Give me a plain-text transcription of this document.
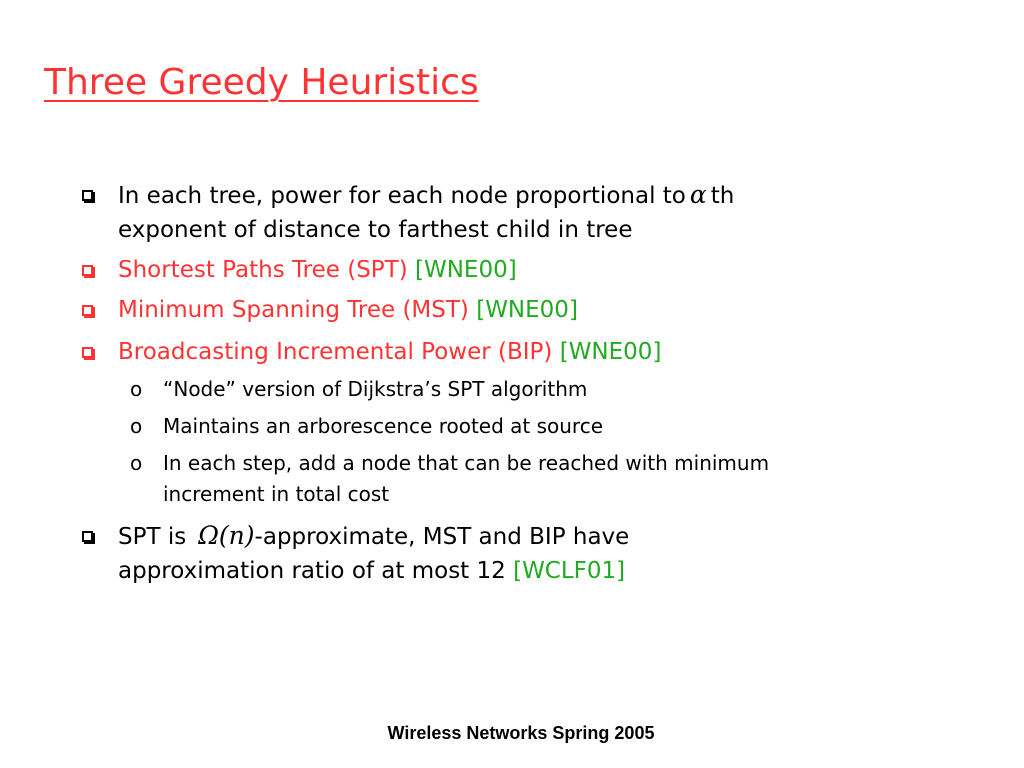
Three Greedy Heuristics
In each tree, power for each node proportional to α th
exponent of distance to farthest child in tree
Shortest Paths Tree (SPT) [WNE00]
Minimum Spanning Tree (MST) [WNE00]
Broadcasting Incremental Power (BIP) [WNE00]
o “Node” version of Dijkstra’s SPT algorithm
o Maintains an arborescence rooted at source
o In each step, add a node that can be reached with minimum
increment in total cost
SPT is Ω(n)-approximate, MST and BIP have
approximation ratio of at most 12 [WCLF01]
Wireless Networks Spring 2005
